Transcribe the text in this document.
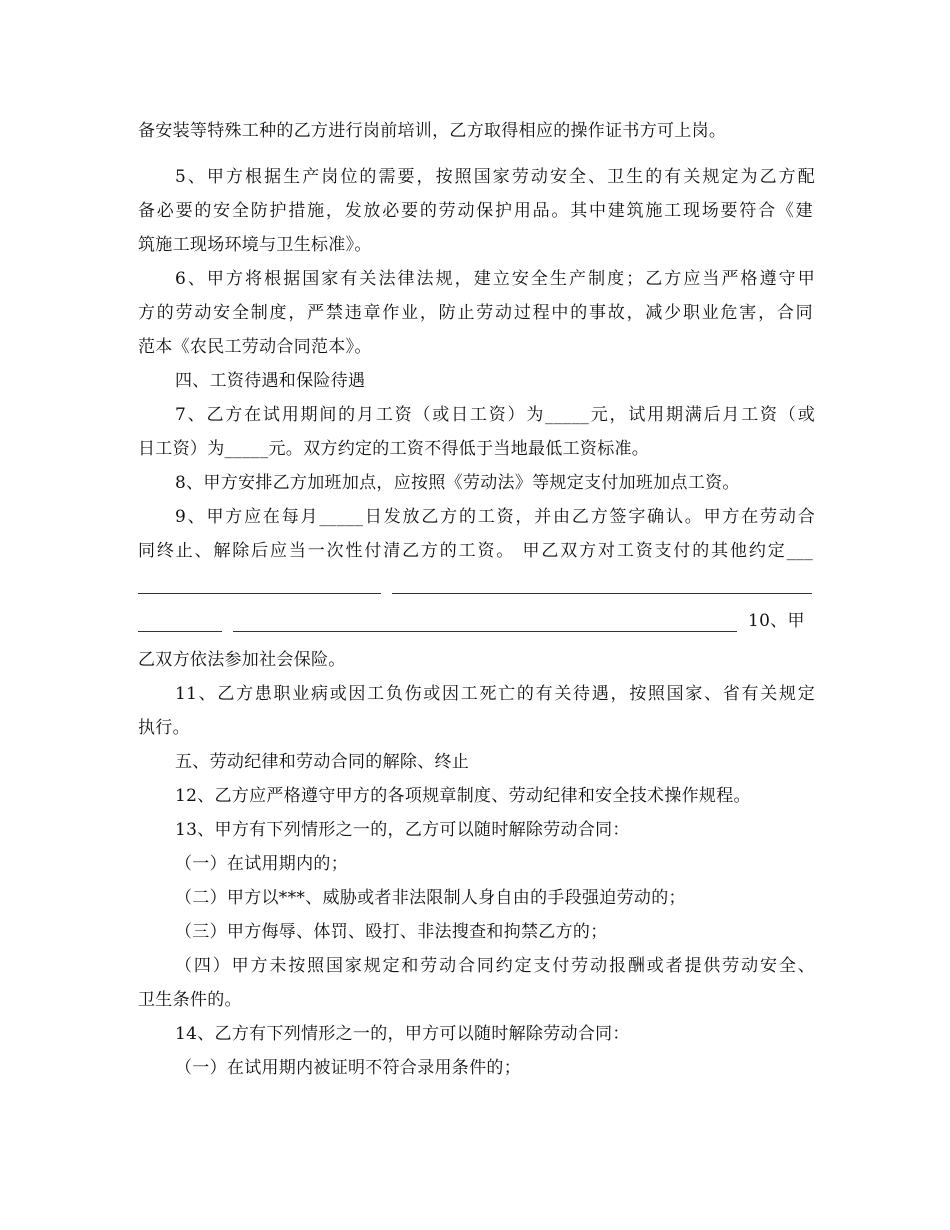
备安装等特殊工种的乙方进行岗前培训，乙方取得相应的操作证书方可上岗。
5、甲方根据生产岗位的需要，按照国家劳动安全、卫生的有关规定为乙方配
备必要的安全防护措施，发放必要的劳动保护用品。其中建筑施工现场要符合《建
筑施工现场环境与卫生标准》。
6、甲方将根据国家有关法律法规，建立安全生产制度；乙方应当严格遵守甲
方的劳动安全制度，严禁违章作业，防止劳动过程中的事故，减少职业危害，合同
范本《农民工劳动合同范本》。
四、工资待遇和保险待遇
7、乙方在试用期间的月工资（或日工资）为_____元，试用期满后月工资（或
日工资）为_____元。双方约定的工资不得低于当地最低工资标准。
8、甲方安排乙方加班加点，应按照《劳动法》等规定支付加班加点工资。
9、甲方应在每月_____日发放乙方的工资，并由乙方签字确认。甲方在劳动合
同终止、解除后应当一次性付清乙方的工资。 甲乙双方对工资支付的其他约定___
10、甲
乙双方依法参加社会保险。
11、乙方患职业病或因工负伤或因工死亡的有关待遇，按照国家、省有关规定
执行。
五、劳动纪律和劳动合同的解除、终止
12、乙方应严格遵守甲方的各项规章制度、劳动纪律和安全技术操作规程。
13、甲方有下列情形之一的，乙方可以随时解除劳动合同：
（一）在试用期内的；
（二）甲方以***、威胁或者非法限制人身自由的手段强迫劳动的；
（三）甲方侮辱、体罚、殴打、非法搜查和拘禁乙方的；
（四）甲方未按照国家规定和劳动合同约定支付劳动报酬或者提供劳动安全、
卫生条件的。
14、乙方有下列情形之一的，甲方可以随时解除劳动合同：
（一）在试用期内被证明不符合录用条件的；
